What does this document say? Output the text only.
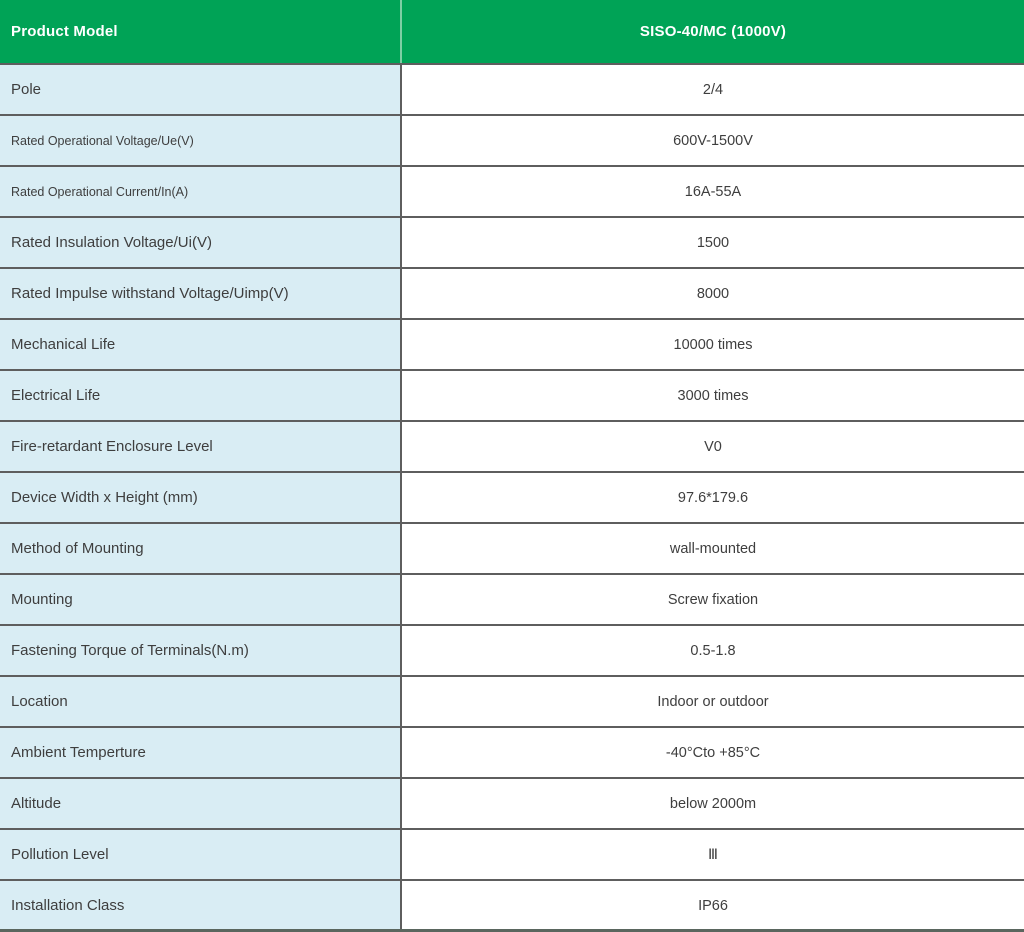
Product Model	SISO-40/MC (1000V)
Pole	2/4
Rated Operational Voltage/Ue(V)	600V-1500V
Rated Operational Current/In(A)	16A-55A
Rated Insulation Voltage/Ui(V)	1500
Rated Impulse withstand Voltage/Uimp(V)	8000
Mechanical Life	10000 times
Electrical Life	3000 times
Fire-retardant Enclosure Level	V0
Device Width x Height (mm)	97.6*179.6
Method of Mounting	wall-mounted
Mounting	Screw fixation
Fastening Torque of Terminals(N.m)	0.5-1.8
Location	Indoor or outdoor
Ambient Temperture	-40°Cto +85°C
Altitude	below 2000m
Pollution Level	Ⅲ
Installation Class	IP66
